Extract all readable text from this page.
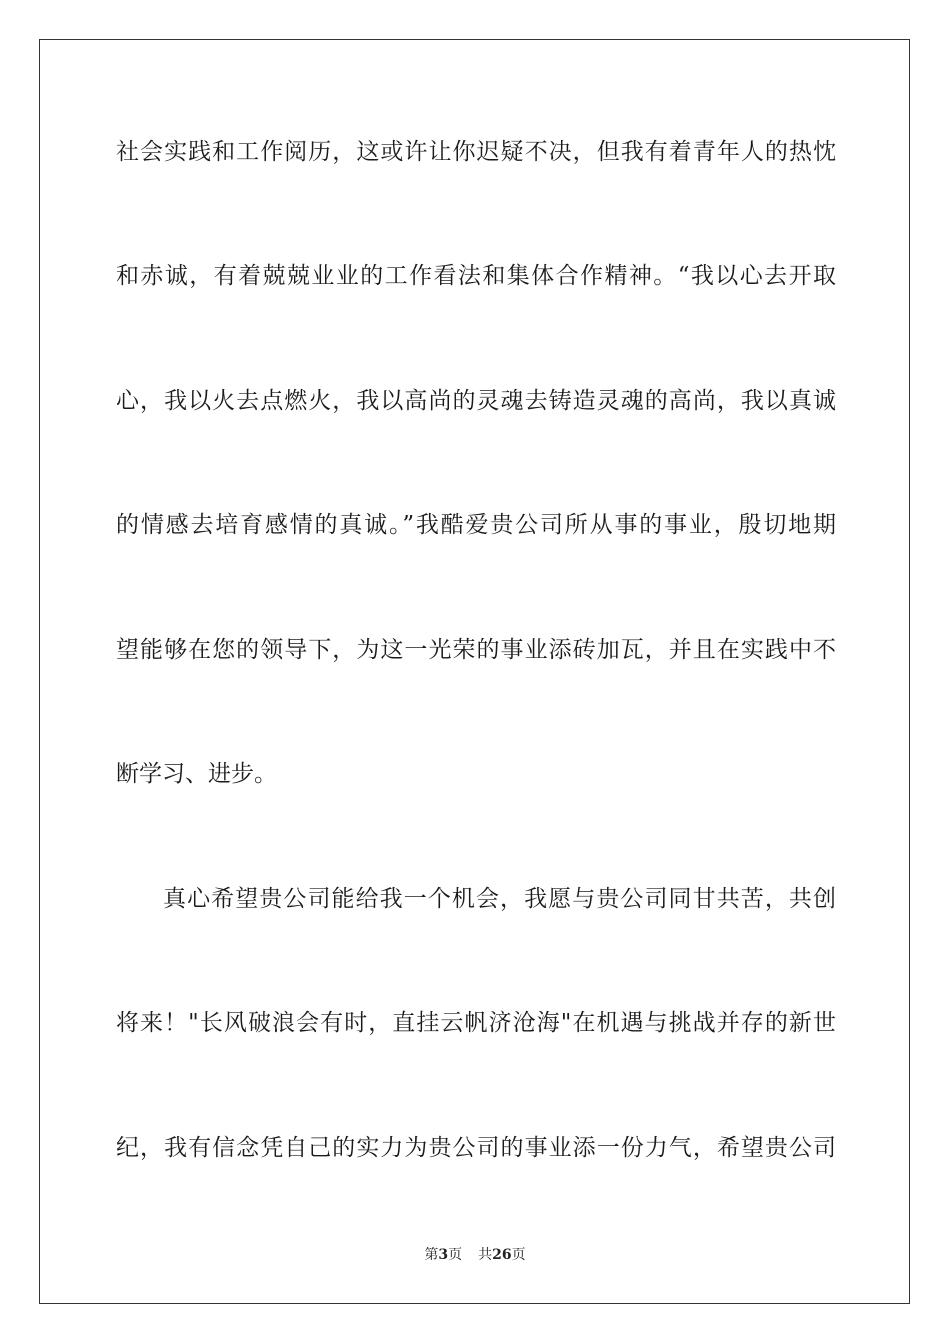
社会实践和工作阅历，这或许让你迟疑不决，但我有着青年人的热忱
和赤诚，有着兢兢业业的工作看法和集体合作精神。“我以心去开取
心，我以火去点燃火，我以高尚的灵魂去铸造灵魂的高尚，我以真诚
的情感去培育感情的真诚。”我酷爱贵公司所从事的事业，殷切地期
望能够在您的领导下，为这一光荣的事业添砖加瓦，并且在实践中不
断学习、进步。
真心希望贵公司能给我一个机会，我愿与贵公司同甘共苦，共创
将来！"长风破浪会有时，直挂云帆济沧海"在机遇与挑战并存的新世
纪，我有信念凭自己的实力为贵公司的事业添一份力气，希望贵公司
第3页 共26页
